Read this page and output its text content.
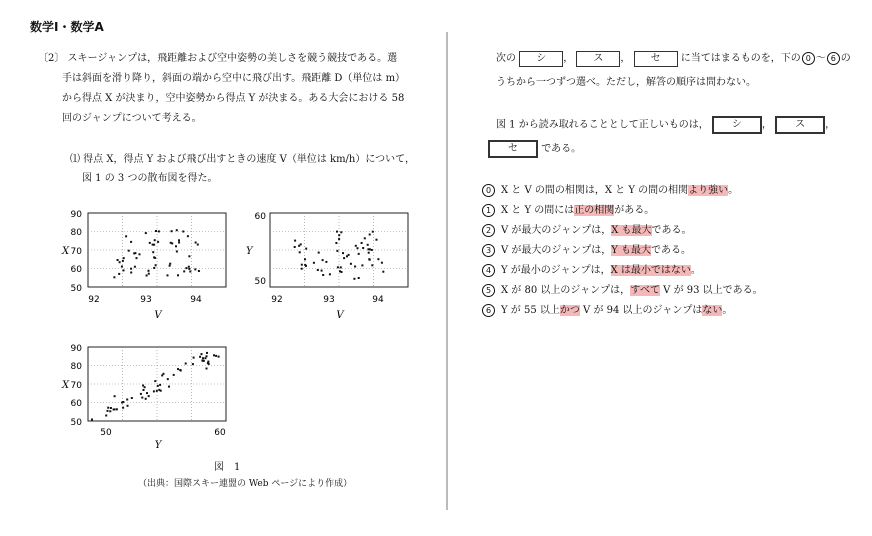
数学Ⅰ・数学A
〔2〕 スキージャンプは，飛距離および空中姿勢の美しさを競う競技である。選
手は斜面を滑り降り，斜面の端から空中に飛び出す。飛距離 D（単位は m）
から得点 X が決まり，空中姿勢から得点 Y が決まる。ある大会における 58
回のジャンプについて考える。
⑴ 得点 X，得点 Y および飛び出すときの速度 V（単位は km/h）について，
図 1 の 3 つの散布図を得た。
90
80
70
60
50
92	93	94
V
X
60
50
92	93	94
V
Y
90
80
70
60
50
50	60
Y
X
図　1
（出典：国際スキー連盟の Web ページにより作成）
次の シ ， ス ， セ に当てはまるものを，下の 0 ～ 6 の
うちから一つずつ選べ。ただし，解答の順序は問わない。
図 1 から読み取れることとして正しいものは， シ ， ス ，
セ である。
0 X と V の間の相関は，X と Y の間の相関より強い。
1 X と Y の間には正の相関がある。
2 V が最大のジャンプは，X も最大である。
3 V が最大のジャンプは，Y も最大である。
4 Y が最小のジャンプは，X は最小ではない。
5 X が 80 以上のジャンプは，すべて V が 93 以上である。
6 Y が 55 以上かつ V が 94 以上のジャンプはない。
